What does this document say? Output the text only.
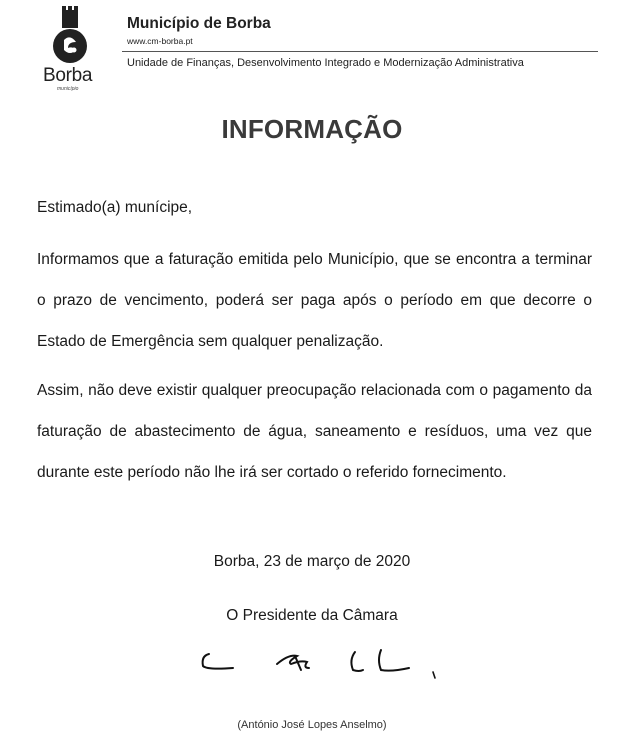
Borba
município
Município de Borba
www.cm-borba.pt
Unidade de Finanças, Desenvolvimento Integrado e Modernização Administrativa
INFORMAÇÃO
Estimado(a) munícipe,
Informamos que a faturação emitida pelo Município, que se encontra a terminar o prazo de vencimento, poderá ser paga após o período em que decorre o Estado de Emergência sem qualquer penalização.
Assim, não deve existir qualquer preocupação relacionada com o pagamento da faturação de abastecimento de água, saneamento e resíduos, uma vez que durante este período não lhe irá ser cortado o referido fornecimento.
Borba, 23 de março de 2020
O Presidente da Câmara
(António José Lopes Anselmo)
